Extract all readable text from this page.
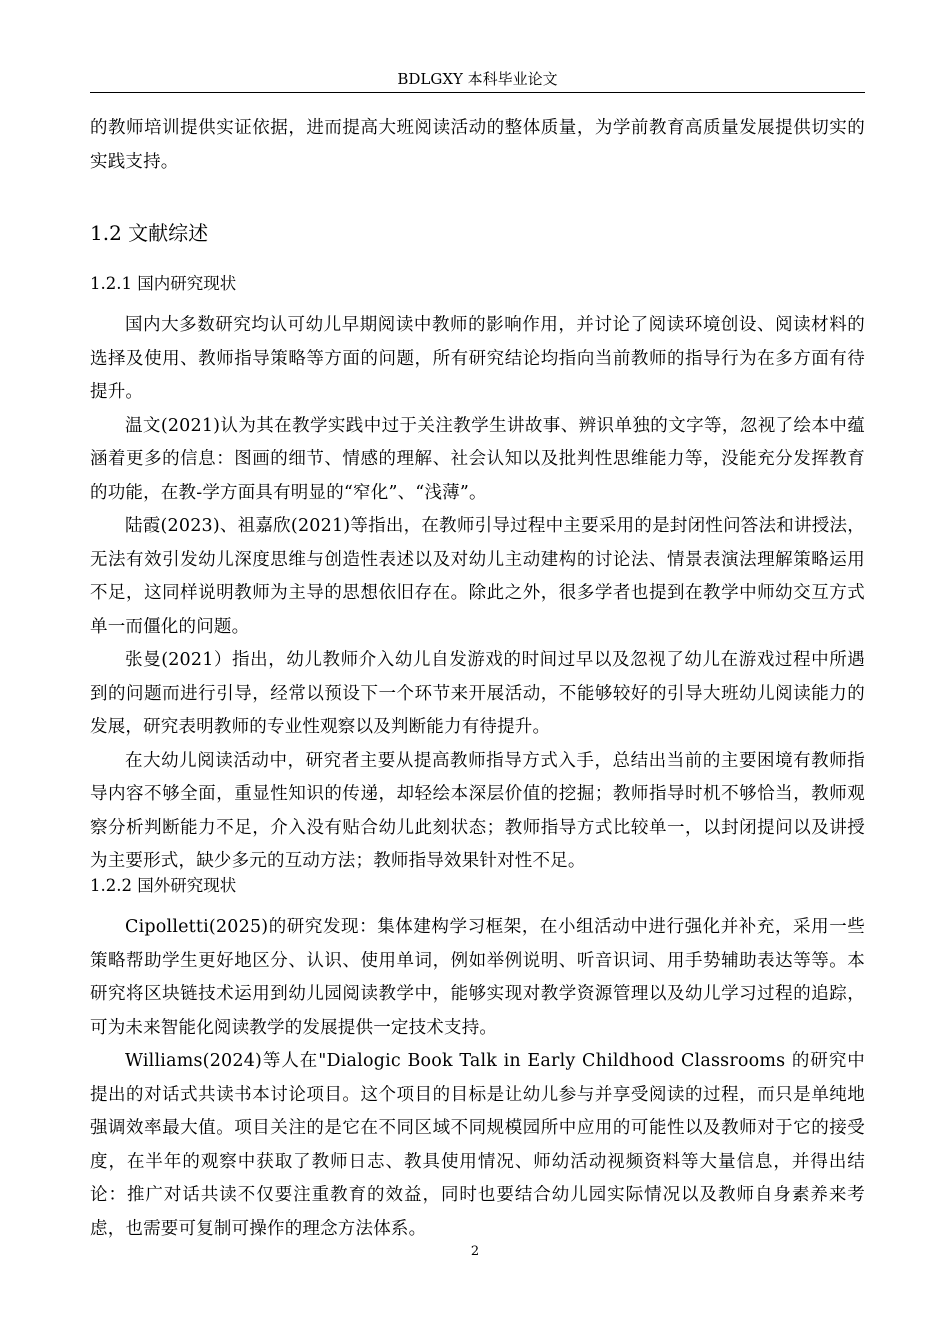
BDLGXY 本科毕业论文

的教师培训提供实证依据，进而提高大班阅读活动的整体质量，为学前教育高质量发展提供切实的实践支持。

1.2 文献综述
1.2.1 国内研究现状

国内大多数研究均认可幼儿早期阅读中教师的影响作用，并讨论了阅读环境创设、阅读材料的选择及使用、教师指导策略等方面的问题，所有研究结论均指向当前教师的指导行为在多方面有待提升。

温文(2021)认为其在教学实践中过于关注教学生讲故事、辨识单独的文字等，忽视了绘本中蕴涵着更多的信息：图画的细节、情感的理解、社会认知以及批判性思维能力等，没能充分发挥教育的功能，在教-学方面具有明显的“窄化”、“浅薄”。

陆霞(2023)、祖嘉欣(2021)等指出，在教师引导过程中主要采用的是封闭性问答法和讲授法，无法有效引发幼儿深度思维与创造性表述以及对幼儿主动建构的讨论法、情景表演法理解策略运用不足，这同样说明教师为主导的思想依旧存在。除此之外，很多学者也提到在教学中师幼交互方式单一而僵化的问题。

张曼(2021）指出，幼儿教师介入幼儿自发游戏的时间过早以及忽视了幼儿在游戏过程中所遇到的问题而进行引导，经常以预设下一个环节来开展活动，不能够较好的引导大班幼儿阅读能力的发展，研究表明教师的专业性观察以及判断能力有待提升。

在大幼儿阅读活动中，研究者主要从提高教师指导方式入手，总结出当前的主要困境有教师指导内容不够全面，重显性知识的传递，却轻绘本深层价值的挖掘；教师指导时机不够恰当，教师观察分析判断能力不足，介入没有贴合幼儿此刻状态；教师指导方式比较单一，以封闭提问以及讲授为主要形式，缺少多元的互动方法；教师指导效果针对性不足。

1.2.2 国外研究现状

Cipolletti(2025)的研究发现：集体建构学习框架，在小组活动中进行强化并补充，采用一些策略帮助学生更好地区分、认识、使用单词，例如举例说明、听音识词、用手势辅助表达等等。本研究将区块链技术运用到幼儿园阅读教学中，能够实现对教学资源管理以及幼儿学习过程的追踪，可为未来智能化阅读教学的发展提供一定技术支持。

Williams(2024)等人在"Dialogic Book Talk in Early Childhood Classrooms 的研究中提出的对话式共读书本讨论项目。这个项目的目标是让幼儿参与并享受阅读的过程，而只是单纯地强调效率最大值。项目关注的是它在不同区域不同规模园所中应用的可能性以及教师对于它的接受度，在半年的观察中获取了教师日志、教具使用情况、师幼活动视频资料等大量信息，并得出结论：推广对话共读不仅要注重教育的效益，同时也要结合幼儿园实际情况以及教师自身素养来考虑，也需要可复制可操作的理念方法体系。

2
